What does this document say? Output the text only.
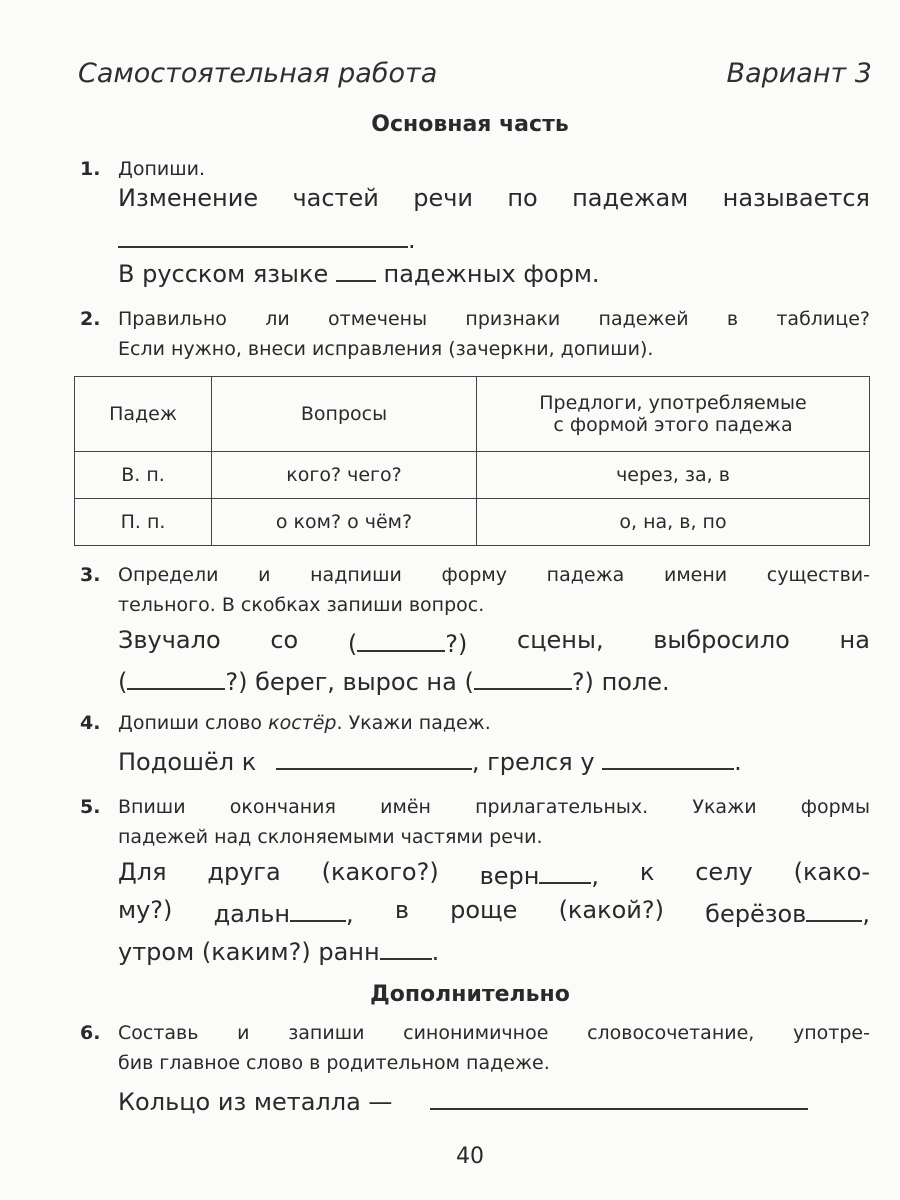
Самостоятельная работа	Вариант 3
Основная часть
1. Допиши.
Изменение частей речи по падежам называется
.
В русском языке падежных форм.
2. Правильно ли отмечены признаки падежей в таблице?
Если нужно, внеси исправления (зачеркни, допиши).
Падеж	Вопросы	Предлоги, употребляемые
с формой этого падежа

В. п.	кого? чего?	через, за, в
П. п.	о ком? о чём?	о, на, в, по
3. Определи и надпиши форму падежа имени существи-
тельного. В скобках запиши вопрос.
Звучало со (	?) сцены, выбросило на
(	?) берег, вырос на (	?) поле.
4. Допиши слово костёр. Укажи падеж.
Подошёл к	, грелся у	.
5. Впиши окончания имён прилагательных. Укажи формы
падежей над склоняемыми частями речи.
Для друга (какого?) верн , к селу (како-
му?) дальн , в роще (какой?) берёзов ,
утром (каким?) ранн .
Дополнительно
6. Составь и запиши синонимичное словосочетание, употре-
бив главное слово в родительном падеже.
Кольцо из металла —
40
